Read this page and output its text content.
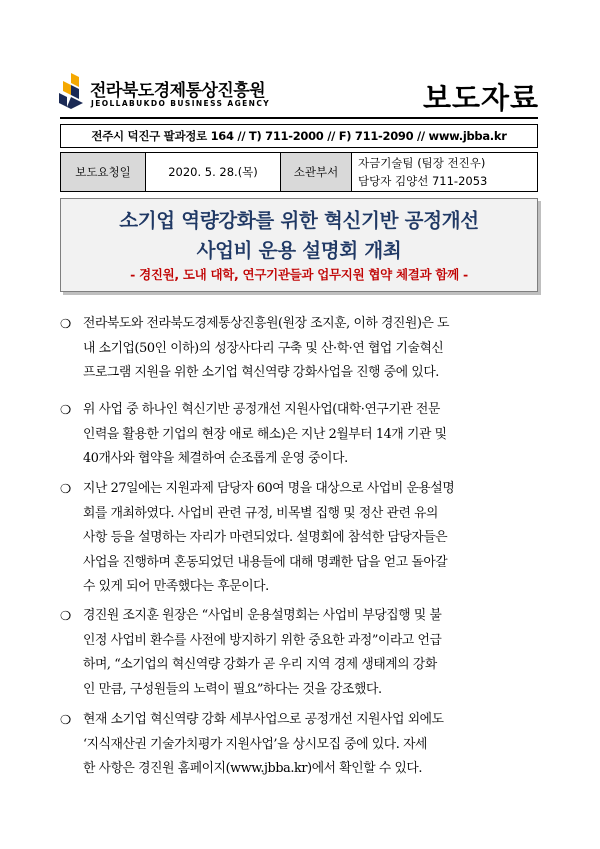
전라북도경제통상진흥원
JEOLLABUKDO BUSINESS AGENCY	보도자료
전주시 덕진구 팔과정로 164 // T) 711-2000 // F) 711-2090 // www.jbba.kr
보도요청일	2020. 5. 28.(목)	소관부서	
자금기술팀 (팀장 전진우)
담당자 김양선 711-2053
소기업 역량강화를 위한 혁신기반 공정개선
사업비 운용 설명회 개최
- 경진원, 도내 대학, 연구기관들과 업무지원 협약 체결과 함께 -
❍ 전라북도와 전라북도경제통상진흥원(원장 조지훈, 이하 경진원)은 도
내 소기업(50인 이하)의 성장사다리 구축 및 산·학·연 협업 기술혁신
프로그램 지원을 위한 소기업 혁신역량 강화사업을 진행 중에 있다.
❍ 위 사업 중 하나인 혁신기반 공정개선 지원사업(대학·연구기관 전문
인력을 활용한 기업의 현장 애로 해소)은 지난 2월부터 14개 기관 및
40개사와 협약을 체결하여 순조롭게 운영 중이다.
❍ 지난 27일에는 지원과제 담당자 60여 명을 대상으로 사업비 운용설명
회를 개최하였다. 사업비 관련 규정, 비목별 집행 및 정산 관련 유의
사항 등을 설명하는 자리가 마련되었다. 설명회에 참석한 담당자들은
사업을 진행하며 혼동되었던 내용들에 대해 명쾌한 답을 얻고 돌아갈
수 있게 되어 만족했다는 후문이다.
❍ 경진원 조지훈 원장은 “사업비 운용설명회는 사업비 부당집행 및 불
인정 사업비 환수를 사전에 방지하기 위한 중요한 과정”이라고 언급
하며, “소기업의 혁신역량 강화가 곧 우리 지역 경제 생태계의 강화
인 만큼, 구성원들의 노력이 필요”하다는 것을 강조했다.
❍ 현재 소기업 혁신역량 강화 세부사업으로 공정개선 지원사업 외에도
‘지식재산권 기술가치평가 지원사업’을 상시모집 중에 있다. 자세
한 사항은 경진원 홈페이지(www.jbba.kr)에서 확인할 수 있다.
